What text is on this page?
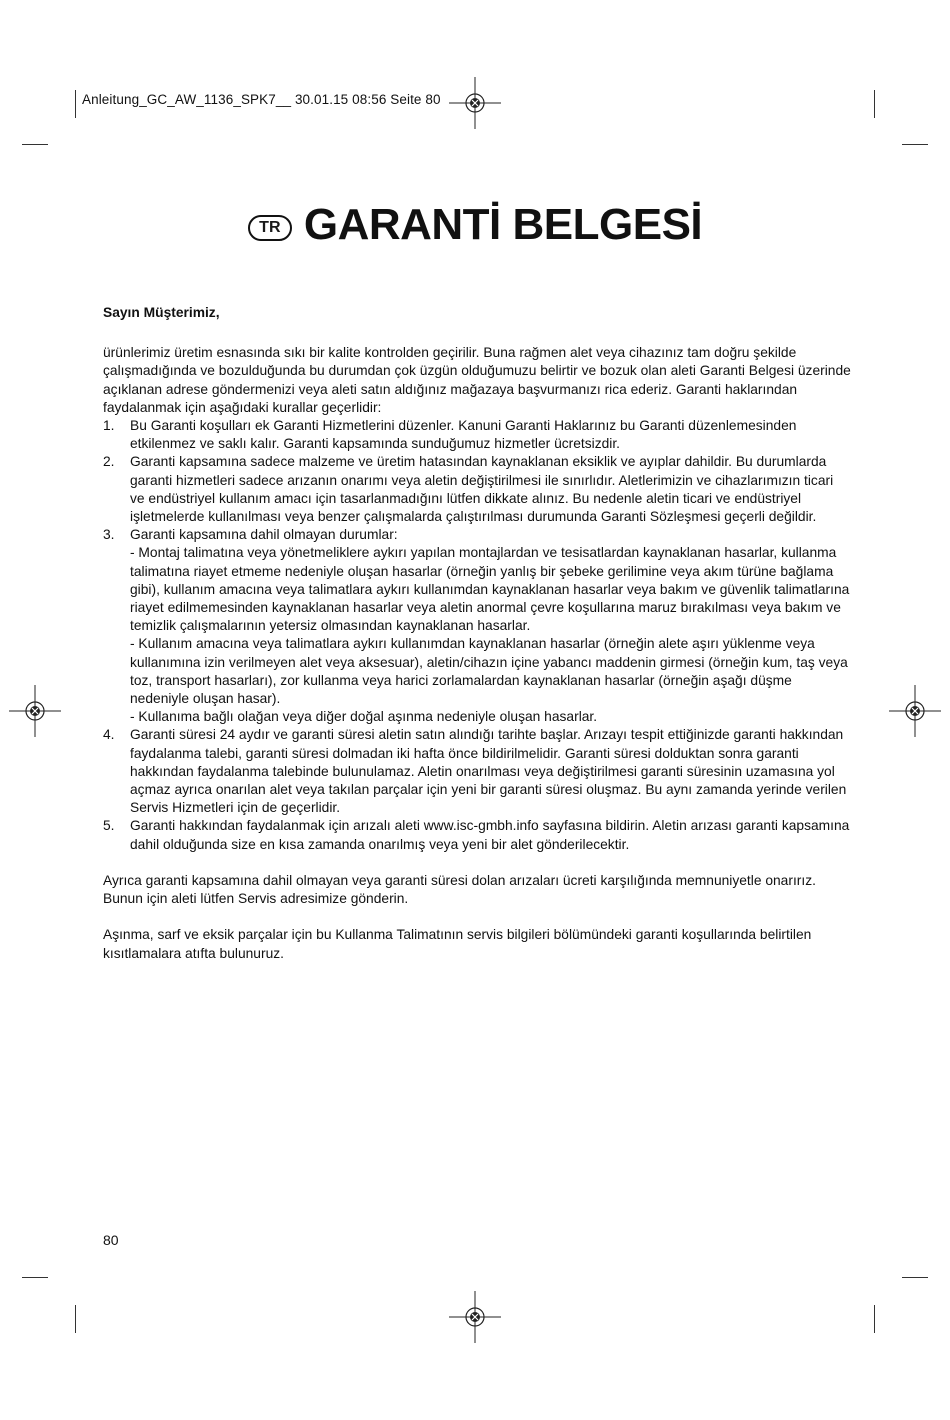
Anleitung_GC_AW_1136_SPK7__ 30.01.15 08:56 Seite 80
TR GARANTİ BELGESİ

Sayın Müşterimiz,

ürünlerimiz üretim esnasında sıkı bir kalite kontrolden geçirilir. Buna rağmen alet veya cihazınız tam doğru şekilde çalışmadığında ve bozulduğunda bu durumdan çok üzgün olduğumuzu belirtir ve bozuk olan aleti Garanti Belgesi üzerinde açıklanan adrese göndermenizi veya aleti satın aldığınız mağazaya başvurmanızı rica ederiz. Garanti haklarından faydalanmak için aşağıdaki kurallar geçerlidir:

1. Bu Garanti koşulları ek Garanti Hizmetlerini düzenler. Kanuni Garanti Haklarınız bu Garanti düzenlemesinden etkilenmez ve saklı kalır. Garanti kapsamında sunduğumuz hizmetler ücretsizdir.
2. Garanti kapsamına sadece malzeme ve üretim hatasından kaynaklanan eksiklik ve ayıplar dahildir. Bu durumlarda garanti hizmetleri sadece arızanın onarımı veya aletin değiştirilmesi ile sınırlıdır. Aletlerimizin ve cihazlarımızın ticari ve endüstriyel kullanım amacı için tasarlanmadığını lütfen dikkate alınız. Bu nedenle aletin ticari ve endüstriyel işletmelerde kullanılması veya benzer çalışmalarda çalıştırılması durumunda Garanti Sözleşmesi geçerli değildir.
3. Garanti kapsamına dahil olmayan durumlar:
- Montaj talimatına veya yönetmeliklere aykırı yapılan montajlardan ve tesisatlardan kaynaklanan hasarlar, kullanma talimatına riayet etmeme nedeniyle oluşan hasarlar (örneğin yanlış bir şebeke gerilimine veya akım türüne bağlama gibi), kullanım amacına veya talimatlara aykırı kullanımdan kaynaklanan hasarlar veya bakım ve güvenlik talimatlarına riayet edilmemesinden kaynaklanan hasarlar veya aletin anormal çevre koşullarına maruz bırakılması veya bakım ve temizlik çalışmalarının yetersiz olmasından kaynaklanan hasarlar.
- Kullanım amacına veya talimatlara aykırı kullanımdan kaynaklanan hasarlar (örneğin alete aşırı yüklenme veya kullanımına izin verilmeyen alet veya aksesuar), aletin/cihazın içine yabancı maddenin girmesi (örneğin kum, taş veya toz, transport hasarları), zor kullanma veya harici zorlamalardan kaynaklanan hasarlar (örneğin aşağı düşme nedeniyle oluşan hasar).
- Kullanıma bağlı olağan veya diğer doğal aşınma nedeniyle oluşan hasarlar.
4. Garanti süresi 24 aydır ve garanti süresi aletin satın alındığı tarihte başlar. Arızayı tespit ettiğinizde garanti hakkından faydalanma talebi, garanti süresi dolmadan iki hafta önce bildirilmelidir. Garanti süresi dolduktan sonra garanti hakkından faydalanma talebinde bulunulamaz. Aletin onarılması veya değiştirilmesi garanti süresinin uzamasına yol açmaz ayrıca onarılan alet veya takılan parçalar için yeni bir garanti süresi oluşmaz. Bu aynı zamanda yerinde verilen Servis Hizmetleri için de geçerlidir.
5. Garanti hakkından faydalanmak için arızalı aleti www.isc-gmbh.info sayfasına bildirin. Aletin arızası garanti kapsamına dahil olduğunda size en kısa zamanda onarılmış veya yeni bir alet gönderilecektir.

Ayrıca garanti kapsamına dahil olmayan veya garanti süresi dolan arızaları ücreti karşılığında memnuniyetle onarırız. Bunun için aleti lütfen Servis adresimize gönderin.

Aşınma, sarf ve eksik parçalar için bu Kullanma Talimatının servis bilgileri bölümündeki garanti koşullarında belirtilen kısıtlamalara atıfta bulunuruz.

80
